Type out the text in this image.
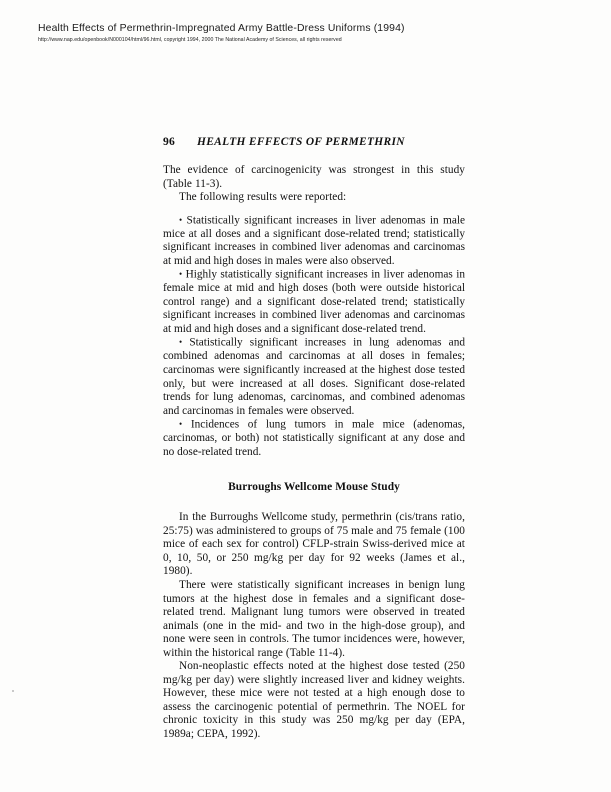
Health Effects of Permethrin-Impregnated Army Battle-Dress Uniforms (1994)
http://www.nap.edu/openbook/N000104/html/96.html, copyright 1994, 2000 The National Academy of Sciences, all rights reserved
96	HEALTH EFFECTS OF PERMETHRIN

The evidence of carcinogenicity was strongest in this study (Table 11-3).

The following results were reported:

• Statistically significant increases in liver adenomas in male mice at all doses and a significant dose-related trend; statistically significant increases in combined liver adenomas and carcinomas at mid and high doses in males were also observed.
• Highly statistically significant increases in liver adenomas in female mice at mid and high doses (both were outside historical control range) and a significant dose-related trend; statistically significant increases in combined liver adenomas and carcinomas at mid and high doses and a significant dose-related trend.
• Statistically significant increases in lung adenomas and combined adenomas and carcinomas at all doses in females; carcinomas were significantly increased at the highest dose tested only, but were increased at all doses. Significant dose-related trends for lung adenomas, carcinomas, and combined adenomas and carcinomas in females were observed.
• Incidences of lung tumors in male mice (adenomas, carcinomas, or both) not statistically significant at any dose and no dose-related trend.
Burroughs Wellcome Mouse Study

In the Burroughs Wellcome study, permethrin (cis/trans ratio, 25:75) was administered to groups of 75 male and 75 female (100 mice of each sex for control) CFLP-strain Swiss-derived mice at 0, 10, 50, or 250 mg/kg per day for 92 weeks (James et al., 1980).

There were statistically significant increases in benign lung tumors at the highest dose in females and a significant dose-related trend. Malignant lung tumors were observed in treated animals (one in the mid- and two in the high-dose group), and none were seen in controls. The tumor incidences were, however, within the historical range (Table 11-4).

Non-neoplastic effects noted at the highest dose tested (250 mg/kg per day) were slightly increased liver and kidney weights. However, these mice were not tested at a high enough dose to assess the carcinogenic potential of permethrin. The NOEL for chronic toxicity in this study was 250 mg/kg per day (EPA, 1989a; CEPA, 1992).
